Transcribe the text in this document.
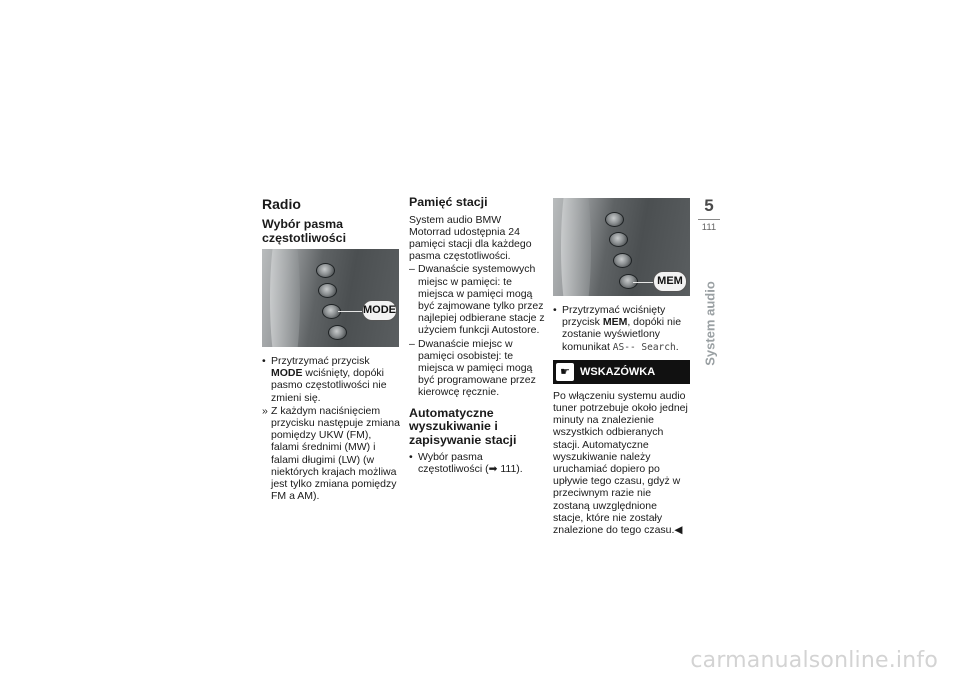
Radio
Wybór pasma częstotliwości
MODE
• Przytrzymać przycisk MODE wciśnięty, dopóki pasmo częstotliwości nie zmieni się.
» Z każdym naciśnięciem przycisku następuje zmiana pomiędzy UKW (FM), falami średnimi (MW) i falami długimi (LW) (w niektórych krajach możliwa jest tylko zmiana pomiędzy FM a AM).
Pamięć stacji

System audio BMW Motorrad udostępnia 24 pamięci stacji dla każdego pasma częstotliwości.

– Dwanaście systemowych miejsc w pamięci: te miejsca w pamięci mogą być zajmowane tylko przez najlepiej odbierane stacje z użyciem funkcji Autostore.
– Dwanaście miejsc w pamięci osobistej: te miejsca w pamięci mogą być programowane przez kierowcę ręcznie.
Automatyczne wyszukiwanie i zapisywanie stacji
• Wybór pasma częstotliwości (➡ 111).
MEM
• Przytrzymać wciśnięty przycisk MEM, dopóki nie zostanie wyświetlony komunikat AS-- Search.
☛ WSKAZÓWKA

Po włączeniu systemu audio tuner potrzebuje około jednej minuty na znalezienie wszystkich odbieranych stacji. Automatyczne wyszukiwanie należy uruchamiać dopiero po upływie tego czasu, gdyż w przeciwnym razie nie zostaną uwzględnione stacje, które nie zostały znalezione do tego czasu.◀

5
111
System audio
carmanualsonline.info
